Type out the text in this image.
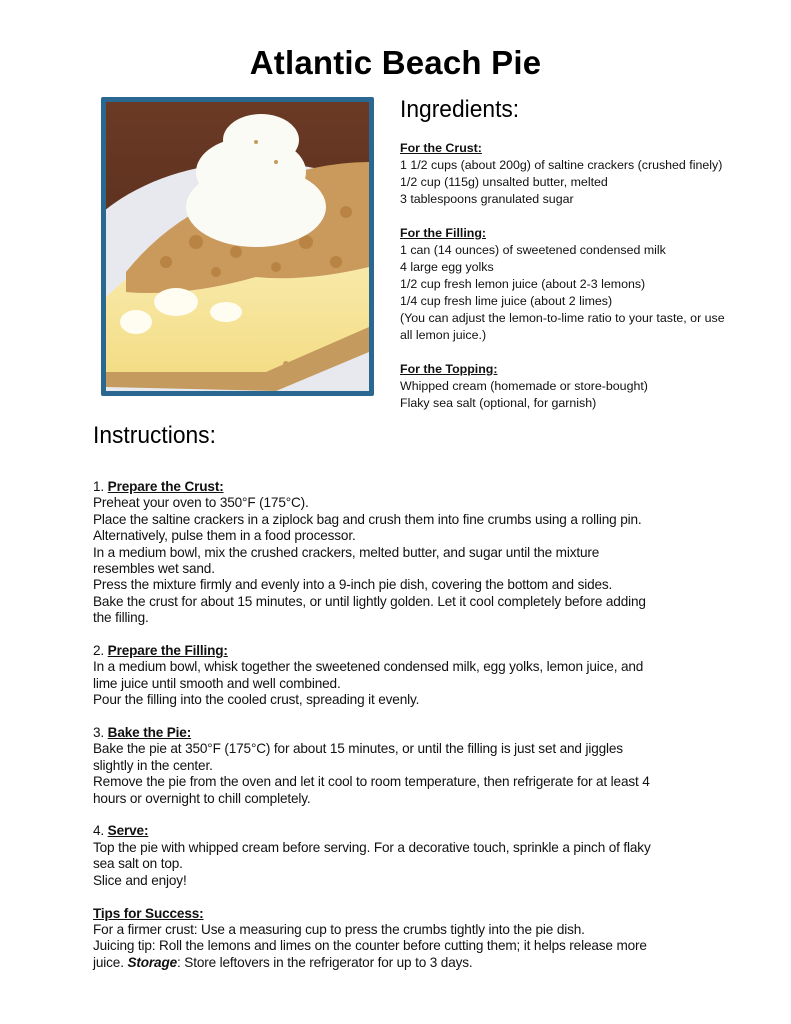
Atlantic Beach Pie
Ingredients:
For the Crust:
1 1/2 cups (about 200g) of saltine crackers (crushed finely)
1/2 cup (115g) unsalted butter, melted
3 tablespoons granulated sugar
For the Filling:
1 can (14 ounces) of sweetened condensed milk
4 large egg yolks
1/2 cup fresh lemon juice (about 2-3 lemons)
1/4 cup fresh lime juice (about 2 limes)
(You can adjust the lemon-to-lime ratio to your taste, or use
all lemon juice.)
For the Topping:
Whipped cream (homemade or store-bought)
Flaky sea salt (optional, for garnish)
Instructions:
1. Prepare the Crust:
Preheat your oven to 350°F (175°C).
Place the saltine crackers in a ziplock bag and crush them into fine crumbs using a rolling pin.
Alternatively, pulse them in a food processor.
In a medium bowl, mix the crushed crackers, melted butter, and sugar until the mixture
resembles wet sand.
Press the mixture firmly and evenly into a 9-inch pie dish, covering the bottom and sides.
Bake the crust for about 15 minutes, or until lightly golden. Let it cool completely before adding
the filling.
2. Prepare the Filling:
In a medium bowl, whisk together the sweetened condensed milk, egg yolks, lemon juice, and
lime juice until smooth and well combined.
Pour the filling into the cooled crust, spreading it evenly.
3. Bake the Pie:
Bake the pie at 350°F (175°C) for about 15 minutes, or until the filling is just set and jiggles
slightly in the center.
Remove the pie from the oven and let it cool to room temperature, then refrigerate for at least 4
hours or overnight to chill completely.
4. Serve:
Top the pie with whipped cream before serving. For a decorative touch, sprinkle a pinch of flaky
sea salt on top.
Slice and enjoy!
Tips for Success:
For a firmer crust: Use a measuring cup to press the crumbs tightly into the pie dish.
Juicing tip: Roll the lemons and limes on the counter before cutting them; it helps release more
juice. Storage: Store leftovers in the refrigerator for up to 3 days.
